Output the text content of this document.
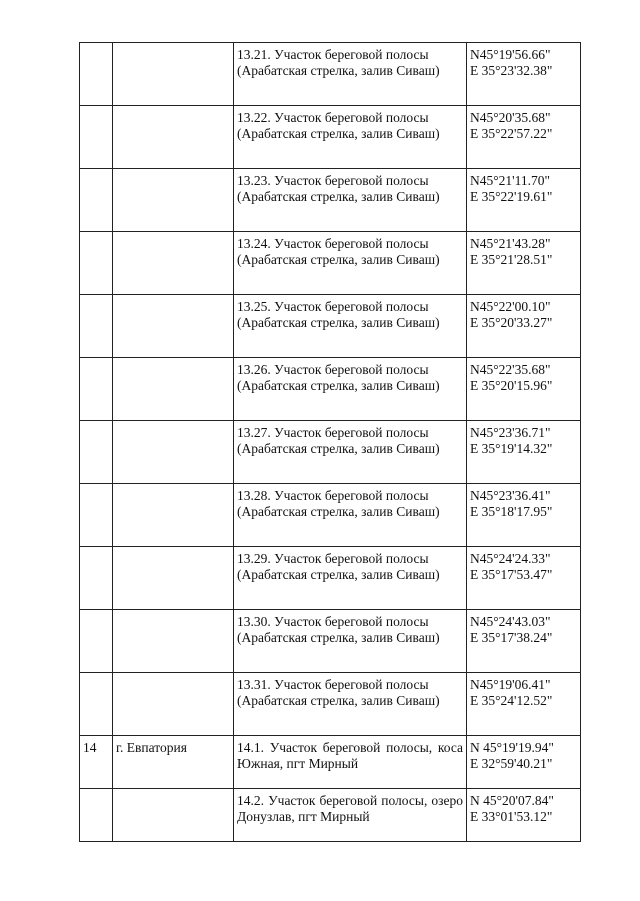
		13.21. Участок береговой полосы (Арабатская стрелка, залив Сиваш)	N45°19'56.66"
E 35°23'32.38"

		13.22. Участок береговой полосы (Арабатская стрелка, залив Сиваш)	N45°20'35.68"
E 35°22'57.22"

		13.23. Участок береговой полосы (Арабатская стрелка, залив Сиваш)	N45°21'11.70"
E 35°22'19.61"

		13.24. Участок береговой полосы (Арабатская стрелка, залив Сиваш)	N45°21'43.28"
E 35°21'28.51"

		13.25. Участок береговой полосы (Арабатская стрелка, залив Сиваш)	N45°22'00.10"
E 35°20'33.27"

		13.26. Участок береговой полосы (Арабатская стрелка, залив Сиваш)	N45°22'35.68"
E 35°20'15.96"

		13.27. Участок береговой полосы (Арабатская стрелка, залив Сиваш)	N45°23'36.71"
E 35°19'14.32"

		13.28. Участок береговой полосы (Арабатская стрелка, залив Сиваш)	N45°23'36.41"
E 35°18'17.95"

		13.29. Участок береговой полосы (Арабатская стрелка, залив Сиваш)	N45°24'24.33"
E 35°17'53.47"

		13.30. Участок береговой полосы (Арабатская стрелка, залив Сиваш)	N45°24'43.03"
E 35°17'38.24"

		13.31. Участок береговой полосы (Арабатская стрелка, залив Сиваш)	N45°19'06.41"
E 35°24'12.52"

14	г. Евпатория	14.1. Участок береговой полосы, коса Южная, пгт Мирный	N 45°19'19.94"
E 32°59'40.21"

		14.2. Участок береговой полосы, озеро Донузлав, пгт Мирный	N 45°20'07.84"
E 33°01'53.12"
